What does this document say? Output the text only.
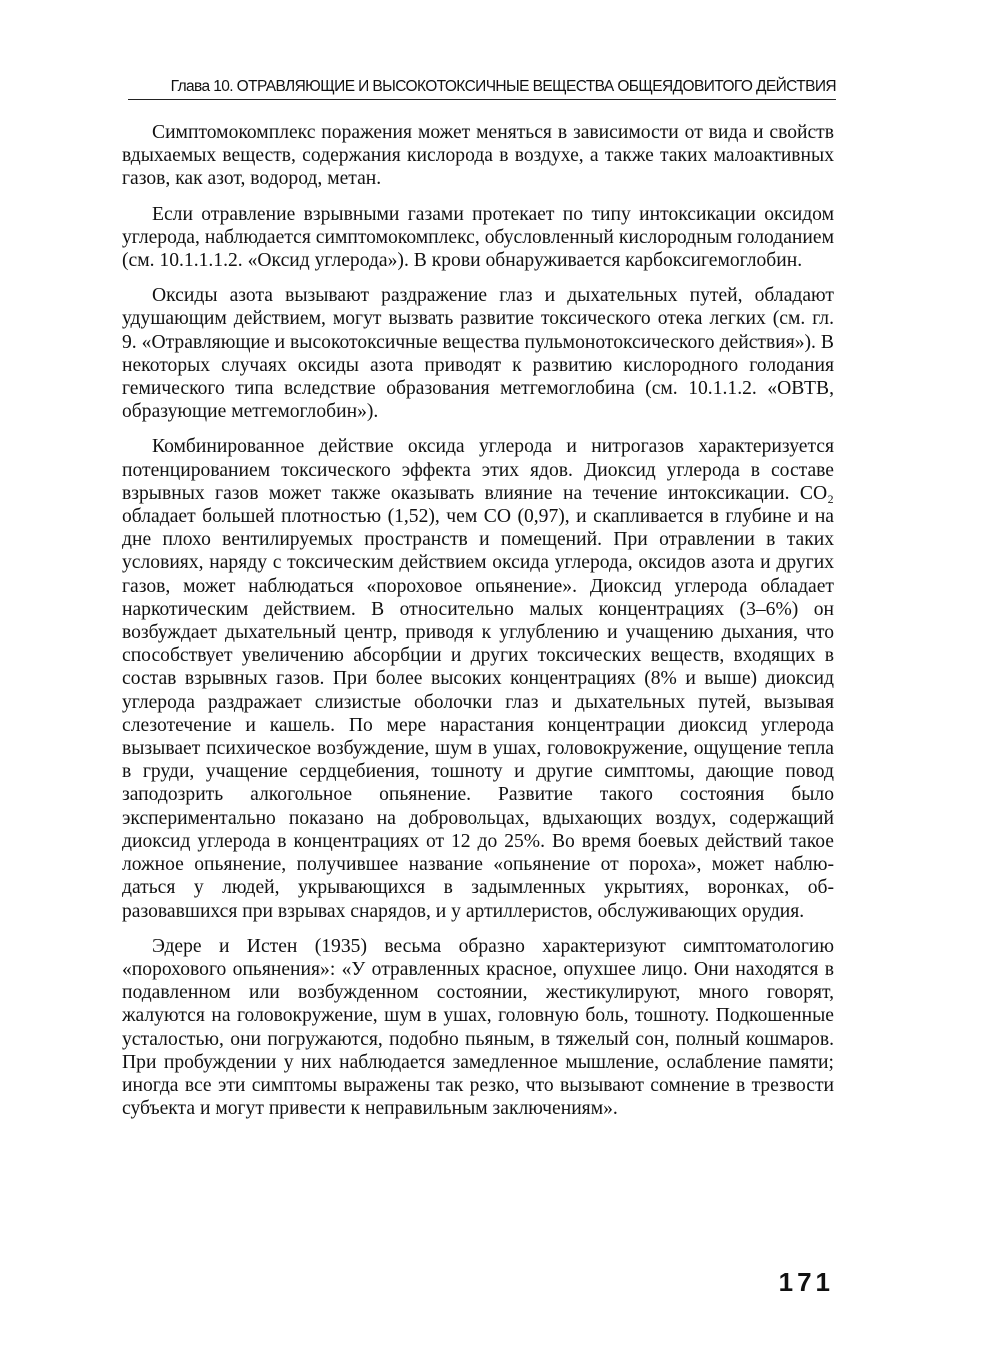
Глава 10. ОТРАВЛЯЮЩИЕ И ВЫСОКОТОКСИЧНЫЕ ВЕЩЕСТВА ОБЩЕЯДОВИТОГО ДЕЙСТВИЯ

Симптомокомплекс поражения может меняться в зависимости от вида и свойств вдыхаемых веществ, содержания кислорода в воздухе, а также таких малоактивных газов, как азот, водород, метан.

Если отравление взрывными газами протекает по типу интоксикации оксидом углерода, наблюдается симптомокомплекс, обусловленный кислородным голоданием (см. 10.1.1.1.2. «Оксид углерода»). В крови обнаруживается карбоксигемоглобин.

Оксиды азота вызывают раздражение глаз и дыхательных путей, обладают удушающим действием, могут вызвать развитие токсического отека легких (см. гл. 9. «Отравляющие и высокотоксичные вещества пульмонотоксического действия»). В некоторых случаях оксиды азота приводят к развитию кислородного голодания гемического типа вследствие образования метгемоглобина (см. 10.1.1.2. «ОВТВ, образующие метгемоглобин»).

Комбинированное действие оксида углерода и нитрогазов характеризуется потенцированием токсического эффекта этих ядов. Диоксид углерода в составе взрывных газов может также оказывать влияние на течение интоксикации. CO₂ обладает большей плотностью (1,52), чем CO (0,97), и скапливается в глубине и на дне плохо вентилируемых пространств и помещений. При отравлении в таких условиях, наряду с токсическим действием оксида углерода, оксидов азота и других газов, может наблюдаться «пороховое опьянение». Диоксид углерода обладает наркотическим действием. В относительно малых концентрациях (3–6%) он возбуждает дыхательный центр, приводя к углублению и учащению дыхания, что способствует увеличению абсорбции и других токсических веществ, входящих в состав взрывных газов. При более высоких концентрациях (8% и выше) диоксид углерода раздражает слизистые оболочки глаз и дыхательных путей, вызывая слезотечение и кашель. По мере нарастания концентрации диоксид углерода вызывает психическое возбуждение, шум в ушах, головокружение, ощущение тепла в груди, учащение сердцебиения, тошноту и другие симптомы, дающие повод заподозрить алкогольное опьянение. Развитие такого состояния было экспериментально показано на добровольцах, вдыхающих воздух, содержащий диоксид углерода в концентрациях от 12 до 25%. Во время боевых действий такое ложное опьянение, получившее название «опьянение от пороха», может наблюдаться у людей, укрывающихся в задымленных укрытиях, воронках, образовавшихся при взрывах снарядов, и у артиллеристов, обслуживающих орудия.

Эдере и Истен (1935) весьма образно характеризуют симптоматологию «порохового опьянения»: «У отравленных красное, опухшее лицо. Они находятся в подавленном или возбужденном состоянии, жестикулируют, много говорят, жалуются на головокружение, шум в ушах, головную боль, тошноту. Подкошенные усталостью, они погружаются, подобно пьяным, в тяжелый сон, полный кошмаров. При пробуждении у них наблюдается замедленное мышление, ослабление памяти; иногда все эти симптомы выражены так резко, что вызывают сомнение в трезвости субъекта и могут привести к неправильным заключениям».

171
